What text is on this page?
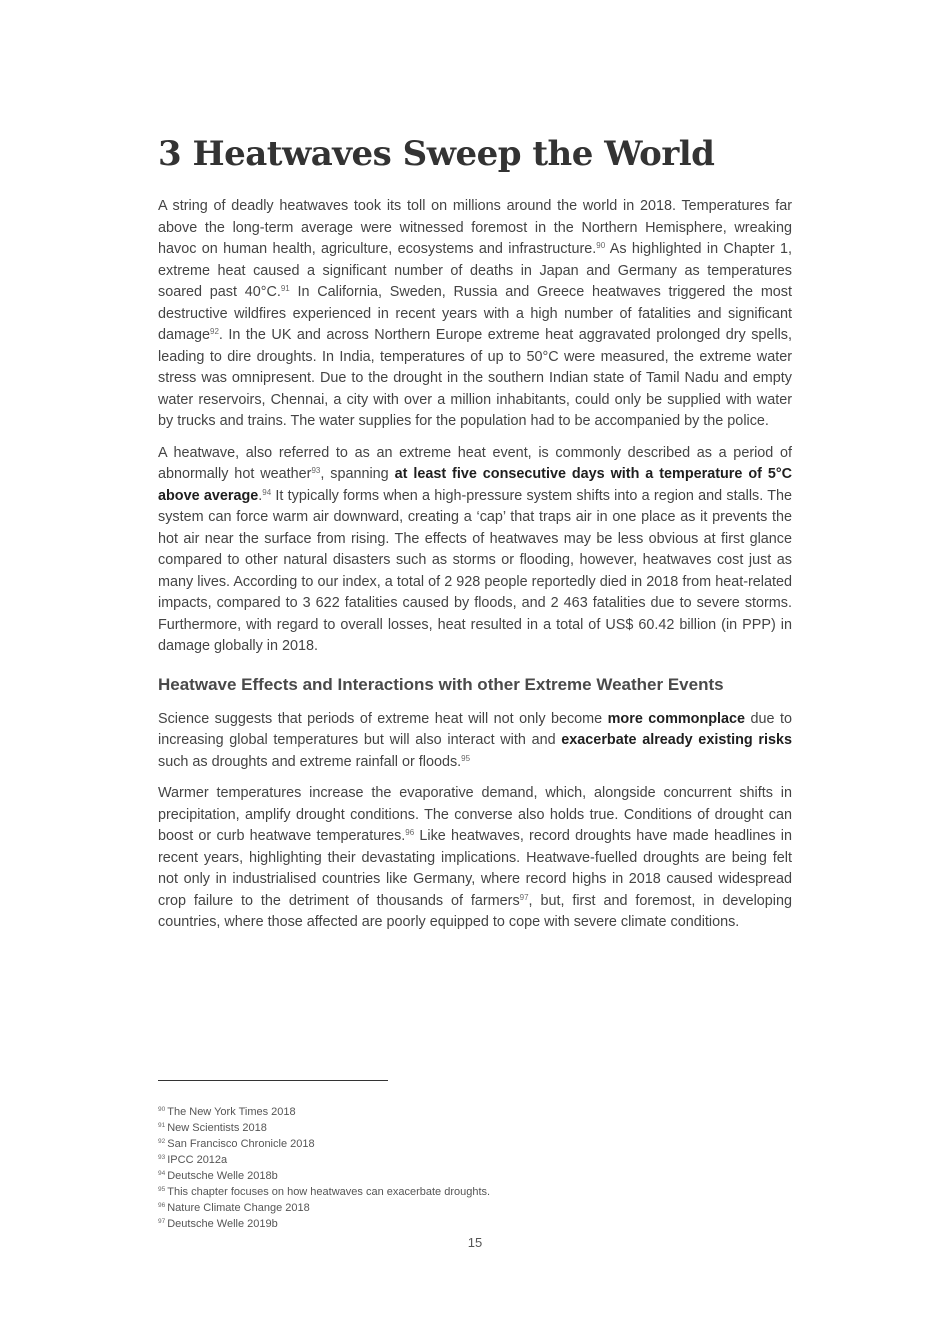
3 Heatwaves Sweep the World

A string of deadly heatwaves took its toll on millions around the world in 2018. Temperatures far above the long-term average were witnessed foremost in the Northern Hemisphere, wreaking havoc on human health, agriculture, ecosystems and infrastructure.$^{90}$ As highlighted in Chapter 1, extreme heat caused a significant number of deaths in Japan and Germany as temperatures soared past 40°C.$^{91}$ In California, Sweden, Russia and Greece heatwaves triggered the most destructive wildfires experienced in recent years with a high number of fatalities and significant damage$^{92}$. In the UK and across Northern Europe extreme heat aggravated prolonged dry spells, leading to dire droughts. In India, temperatures of up to 50°C were measured, the extreme water stress was omnipresent. Due to the drought in the southern Indian state of Tamil Nadu and empty water reservoirs, Chennai, a city with over a million inhabitants, could only be supplied with water by trucks and trains. The water supplies for the population had to be accompanied by the police.

A heatwave, also referred to as an extreme heat event, is commonly described as a period of abnormally hot weather$^{93}$, spanning at least five consecutive days with a temperature of 5°C above average.$^{94}$ It typically forms when a high-pressure system shifts into a region and stalls. The system can force warm air downward, creating a ‘cap’ that traps air in one place as it prevents the hot air near the surface from rising. The effects of heatwaves may be less obvious at first glance compared to other natural disasters such as storms or flooding, however, heatwaves cost just as many lives. According to our index, a total of 2 928 people reportedly died in 2018 from heat-related impacts, compared to 3 622 fatalities caused by floods, and 2 463 fatalities due to severe storms. Furthermore, with regard to overall losses, heat resulted in a total of US$ 60.42 billion (in PPP) in damage globally in 2018.

Heatwave Effects and Interactions with other Extreme Weather Events

Science suggests that periods of extreme heat will not only become more commonplace due to increasing global temperatures but will also interact with and exacerbate already existing risks such as droughts and extreme rainfall or floods.$^{95}$

Warmer temperatures increase the evaporative demand, which, alongside concurrent shifts in precipitation, amplify drought conditions. The converse also holds true. Conditions of drought can boost or curb heatwave temperatures.$^{96}$ Like heatwaves, record droughts have made headlines in recent years, highlighting their devastating implications. Heatwave-fuelled droughts are being felt not only in industrialised countries like Germany, where record highs in 2018 caused widespread crop failure to the detriment of thousands of farmers$^{97}$, but, first and foremost, in developing countries, where those affected are poorly equipped to cope with severe climate conditions.

$^{90}$ The New York Times 2018
$^{91}$ New Scientists 2018
$^{92}$ San Francisco Chronicle 2018
$^{93}$ IPCC 2012a
$^{94}$ Deutsche Welle 2018b
$^{95}$ This chapter focuses on how heatwaves can exacerbate droughts.
$^{96}$ Nature Climate Change 2018
$^{97}$ Deutsche Welle 2019b
15
